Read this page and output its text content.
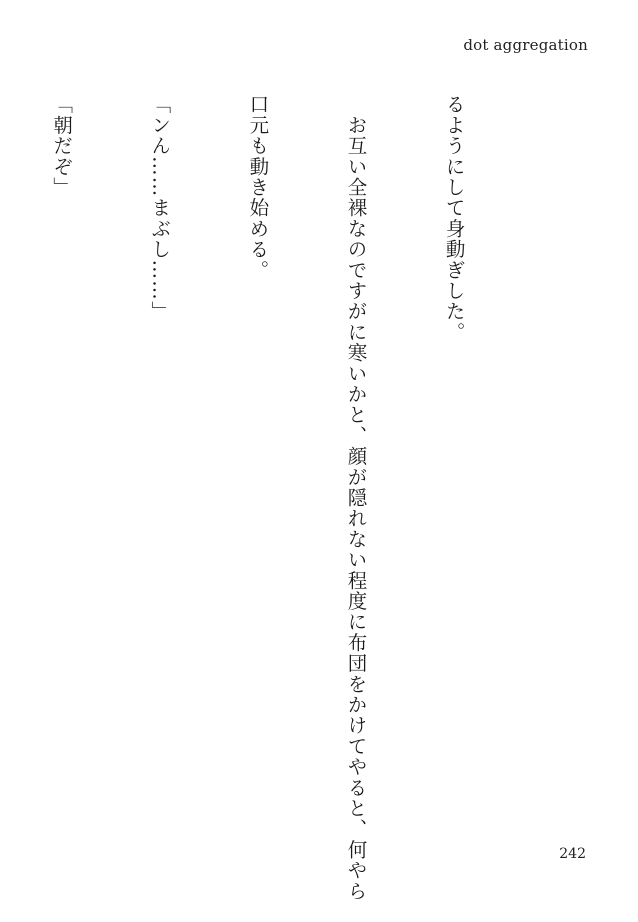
dot aggregation

るようにして身動ぎした。

　お互い全裸なのですがに寒いかと、顔が隠れない程度に布団をかけてやると、何やら

口元も動き始める。

「ンん……まぶし……」

「朝だぞ」

242
